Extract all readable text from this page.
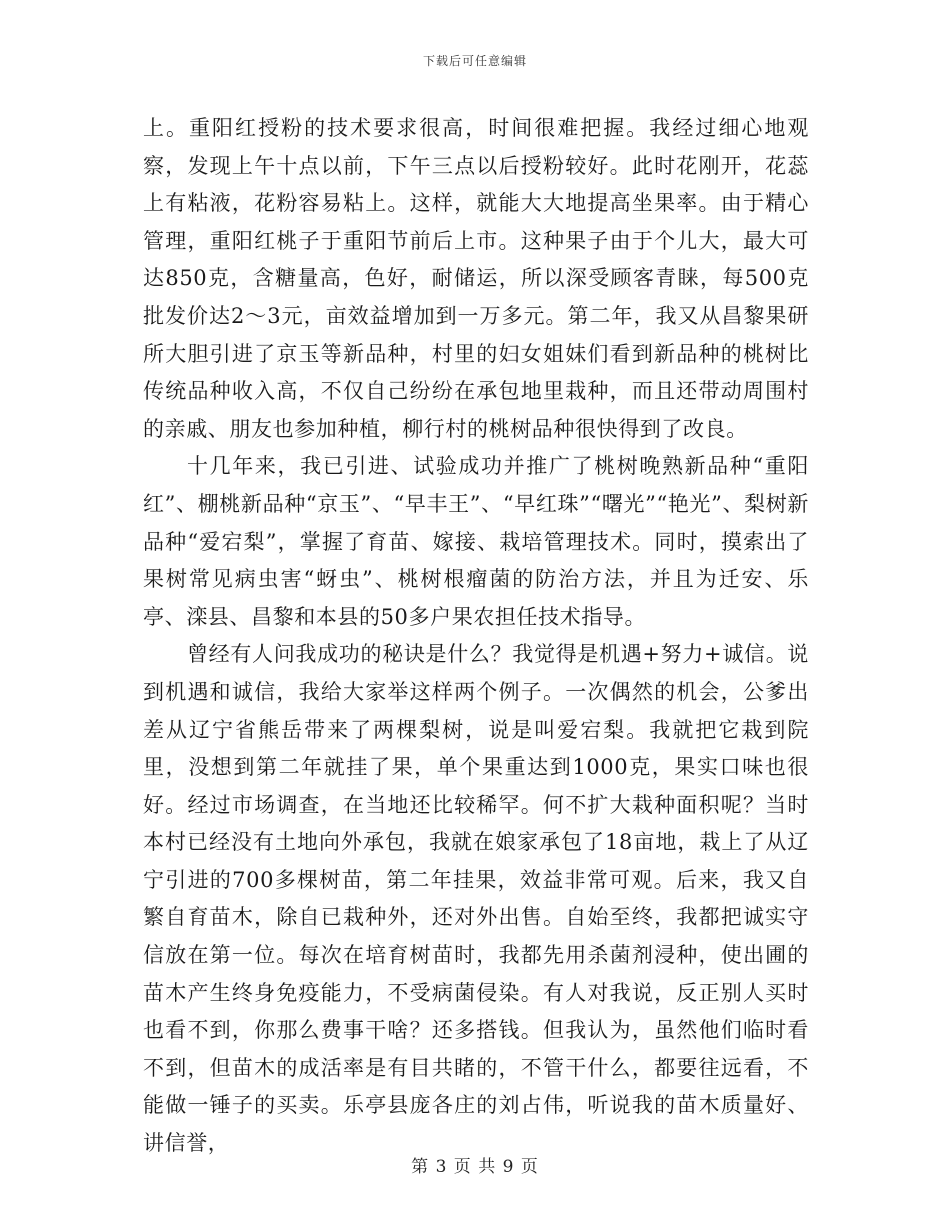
下载后可任意编辑

上。重阳红授粉的技术要求很高，时间很难把握。我经过细心地观察，发现上午十点以前，下午三点以后授粉较好。此时花刚开，花蕊上有粘液，花粉容易粘上。这样，就能大大地提高坐果率。由于精心管理，重阳红桃子于重阳节前后上市。这种果子由于个儿大，最大可达850克，含糖量高，色好，耐储运，所以深受顾客青睐，每500克批发价达2～3元，亩效益增加到一万多元。第二年，我又从昌黎果研所大胆引进了京玉等新品种，村里的妇女姐妹们看到新品种的桃树比传统品种收入高，不仅自己纷纷在承包地里栽种，而且还带动周围村的亲戚、朋友也参加种植，柳行村的桃树品种很快得到了改良。

十几年来，我已引进、试验成功并推广了桃树晚熟新品种“重阳红”、棚桃新品种“京玉”、“早丰王”、“早红珠”“曙光”“艳光”、梨树新品种“爱宕梨”，掌握了育苗、嫁接、栽培管理技术。同时，摸索出了果树常见病虫害“蚜虫”、桃树根瘤菌的防治方法，并且为迁安、乐亭、滦县、昌黎和本县的50多户果农担任技术指导。

曾经有人问我成功的秘诀是什么？我觉得是机遇+努力+诚信。说到机遇和诚信，我给大家举这样两个例子。一次偶然的机会，公爹出差从辽宁省熊岳带来了两棵梨树，说是叫爱宕梨。我就把它栽到院里，没想到第二年就挂了果，单个果重达到1000克，果实口味也很好。经过市场调查，在当地还比较稀罕。何不扩大栽种面积呢？当时本村已经没有土地向外承包，我就在娘家承包了18亩地，栽上了从辽宁引进的700多棵树苗，第二年挂果，效益非常可观。后来，我又自繁自育苗木，除自已栽种外，还对外出售。自始至终，我都把诚实守信放在第一位。每次在培育树苗时，我都先用杀菌剂浸种，使出圃的苗木产生终身免疫能力，不受病菌侵染。有人对我说，反正别人买时也看不到，你那么费事干啥？还多搭钱。但我认为，虽然他们临时看不到，但苗木的成活率是有目共睹的，不管干什么，都要往远看，不能做一锤子的买卖。乐亭县庞各庄的刘占伟，听说我的苗木质量好、讲信誉，

第 3 页 共 9 页
